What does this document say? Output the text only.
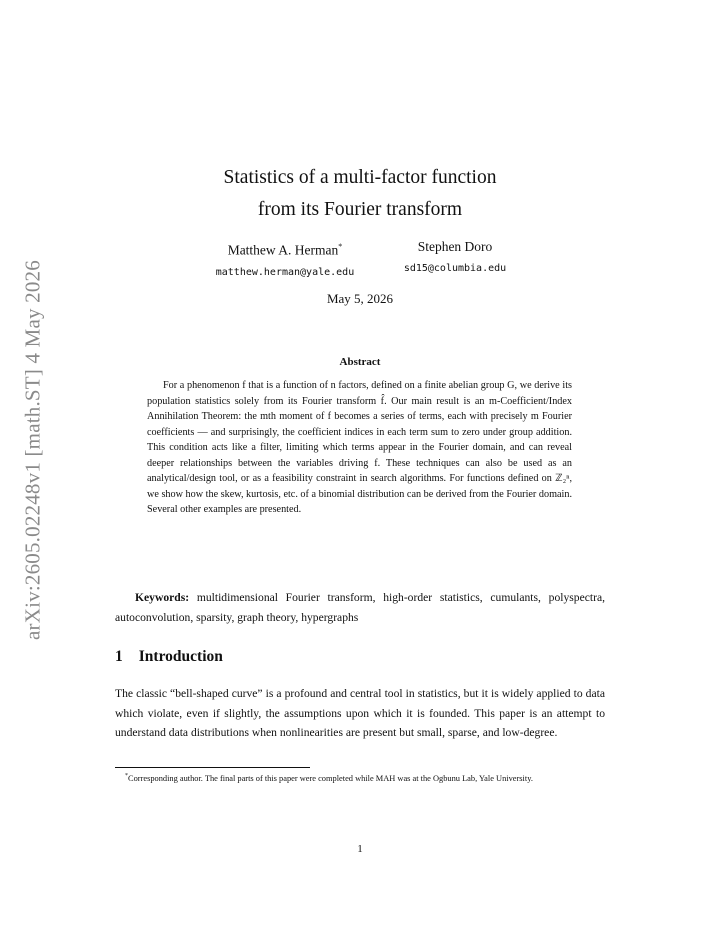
arXiv:2605.02248v1 [math.ST] 4 May 2026
Statistics of a multi-factor function
from its Fourier transform
Matthew A. Herman*
matthew.herman@yale.edu
Stephen Doro
sd15@columbia.edu
May 5, 2026
Abstract
For a phenomenon f that is a function of n factors, defined on a finite abelian group G, we derive its population statistics solely from its Fourier transform f̂. Our main result is an m-Coefficient/Index Annihilation Theorem: the mth moment of f becomes a series of terms, each with precisely m Fourier coefficients — and surprisingly, the coefficient indices in each term sum to zero under group addition. This condition acts like a filter, limiting which terms appear in the Fourier domain, and can reveal deeper relationships between the variables driving f. These techniques can also be used as an analytical/design tool, or as a feasibility constraint in search algorithms. For functions defined on ℤ₂ⁿ, we show how the skew, kurtosis, etc. of a binomial distribution can be derived from the Fourier domain. Several other examples are presented.
Keywords: multidimensional Fourier transform, high-order statistics, cumulants, polyspectra, autoconvolution, sparsity, graph theory, hypergraphs
1 Introduction
The classic “bell-shaped curve” is a profound and central tool in statistics, but it is widely applied to data which violate, even if slightly, the assumptions upon which it is founded. This paper is an attempt to understand data distributions when nonlinearities are present but small, sparse, and low-degree.
*Corresponding author. The final parts of this paper were completed while MAH was at the Ogbunu Lab, Yale University.
1
